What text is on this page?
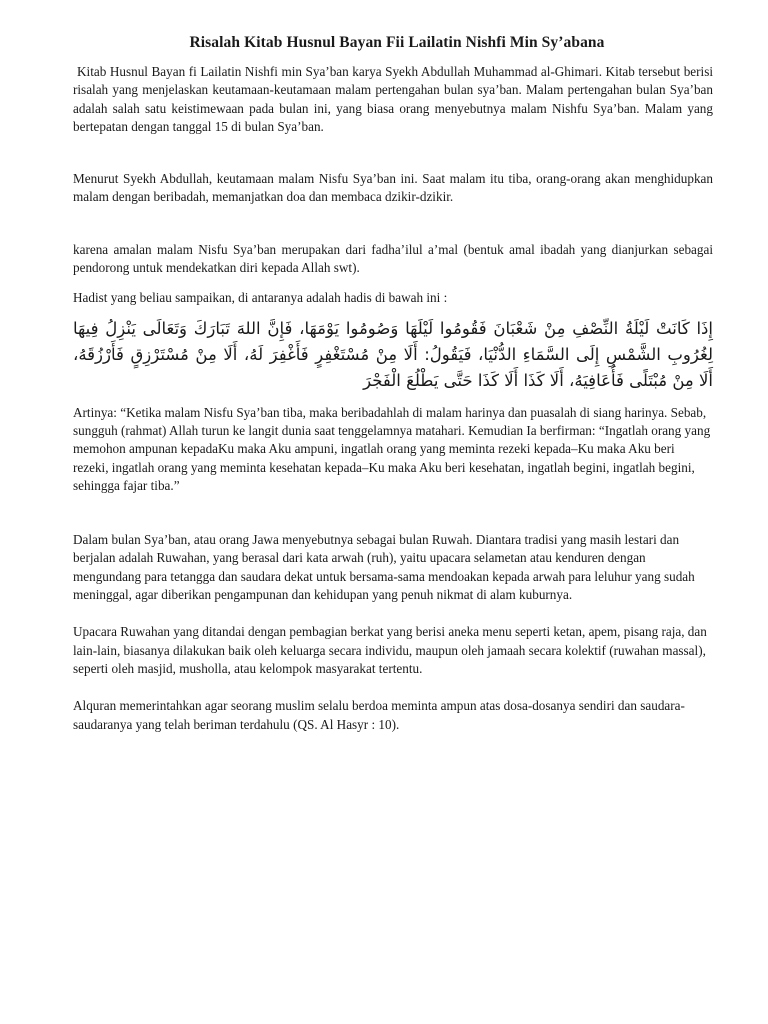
Risalah Kitab Husnul Bayan Fii Lailatin Nishfi Min Sy’abana

Kitab Husnul Bayan fi Lailatin Nishfi min Sya’ban karya Syekh Abdullah Muhammad al-Ghimari. Kitab tersebut berisi risalah yang menjelaskan keutamaan-keutamaan malam pertengahan bulan sya’ban. Malam pertengahan bulan Sya’ban adalah salah satu keistimewaan pada bulan ini, yang biasa orang menyebutnya malam Nishfu Sya’ban. Malam yang bertepatan dengan tanggal 15 di bulan Sya’ban.

Menurut Syekh Abdullah, keutamaan malam Nisfu Sya’ban ini. Saat malam itu tiba, orang-orang akan menghidupkan malam dengan beribadah, memanjatkan doa dan membaca dzikir-dzikir.

karena amalan malam Nisfu Sya’ban merupakan dari fadha’ilul a’mal (bentuk amal ibadah yang dianjurkan sebagai pendorong untuk mendekatkan diri kepada Allah swt).

Hadist yang beliau sampaikan, di antaranya adalah hadis di bawah ini :

إِذَا كَانَتْ لَيْلَةُ النِّصْفِ مِنْ شَعْبَانَ فَقُومُوا لَيْلَهَا وَصُومُوا يَوْمَهَا، فَإِنَّ اللهَ تَبَارَكَ وَتَعَالَى يَنْزِلُ فِيهَا لِغُرُوبِ الشَّمْسِ إِلَى السَّمَاءِ الدُّنْيَا، فَيَقُولُ: أَلَا مِنْ مُسْتَغْفِرٍ فَأَغْفِرَ لَهُ، أَلَا مِنْ مُسْتَرْزِقٍ فَأَرْزُقَهُ، أَلَا مِنْ مُبْتَلًى فَأُعَافِيَهُ، أَلَا كَذَا أَلَا كَذَا حَتَّى يَطْلُعَ الْفَجْرَ

Artinya: “Ketika malam Nisfu Sya’ban tiba, maka beribadahlah di malam harinya dan puasalah di siang harinya. Sebab, sungguh (rahmat) Allah turun ke langit dunia saat tenggelamnya matahari. Kemudian Ia berfirman: “Ingatlah orang yang memohon ampunan kepadaKu maka Aku ampuni, ingatlah orang yang meminta rezeki kepada–Ku maka Aku beri rezeki, ingatlah orang yang meminta kesehatan kepada–Ku maka Aku beri kesehatan, ingatlah begini, ingatlah begini, sehingga fajar tiba.”

Dalam bulan Sya’ban, atau orang Jawa menyebutnya sebagai bulan Ruwah. Diantara tradisi yang masih lestari dan berjalan adalah Ruwahan, yang berasal dari kata arwah (ruh), yaitu upacara selametan atau kenduren dengan mengundang para tetangga dan saudara dekat untuk bersama-sama mendoakan kepada arwah para leluhur yang sudah meninggal, agar diberikan pengampunan dan kehidupan yang penuh nikmat di alam kuburnya.

Upacara Ruwahan yang ditandai dengan pembagian berkat yang berisi aneka menu seperti ketan, apem, pisang raja, dan lain-lain, biasanya dilakukan baik oleh keluarga secara individu, maupun oleh jamaah secara kolektif (ruwahan massal), seperti oleh masjid, musholla, atau kelompok masyarakat tertentu.

Alquran memerintahkan agar seorang muslim selalu berdoa meminta ampun atas dosa-dosanya sendiri dan saudara-saudaranya yang telah beriman terdahulu (QS. Al Hasyr : 10).
